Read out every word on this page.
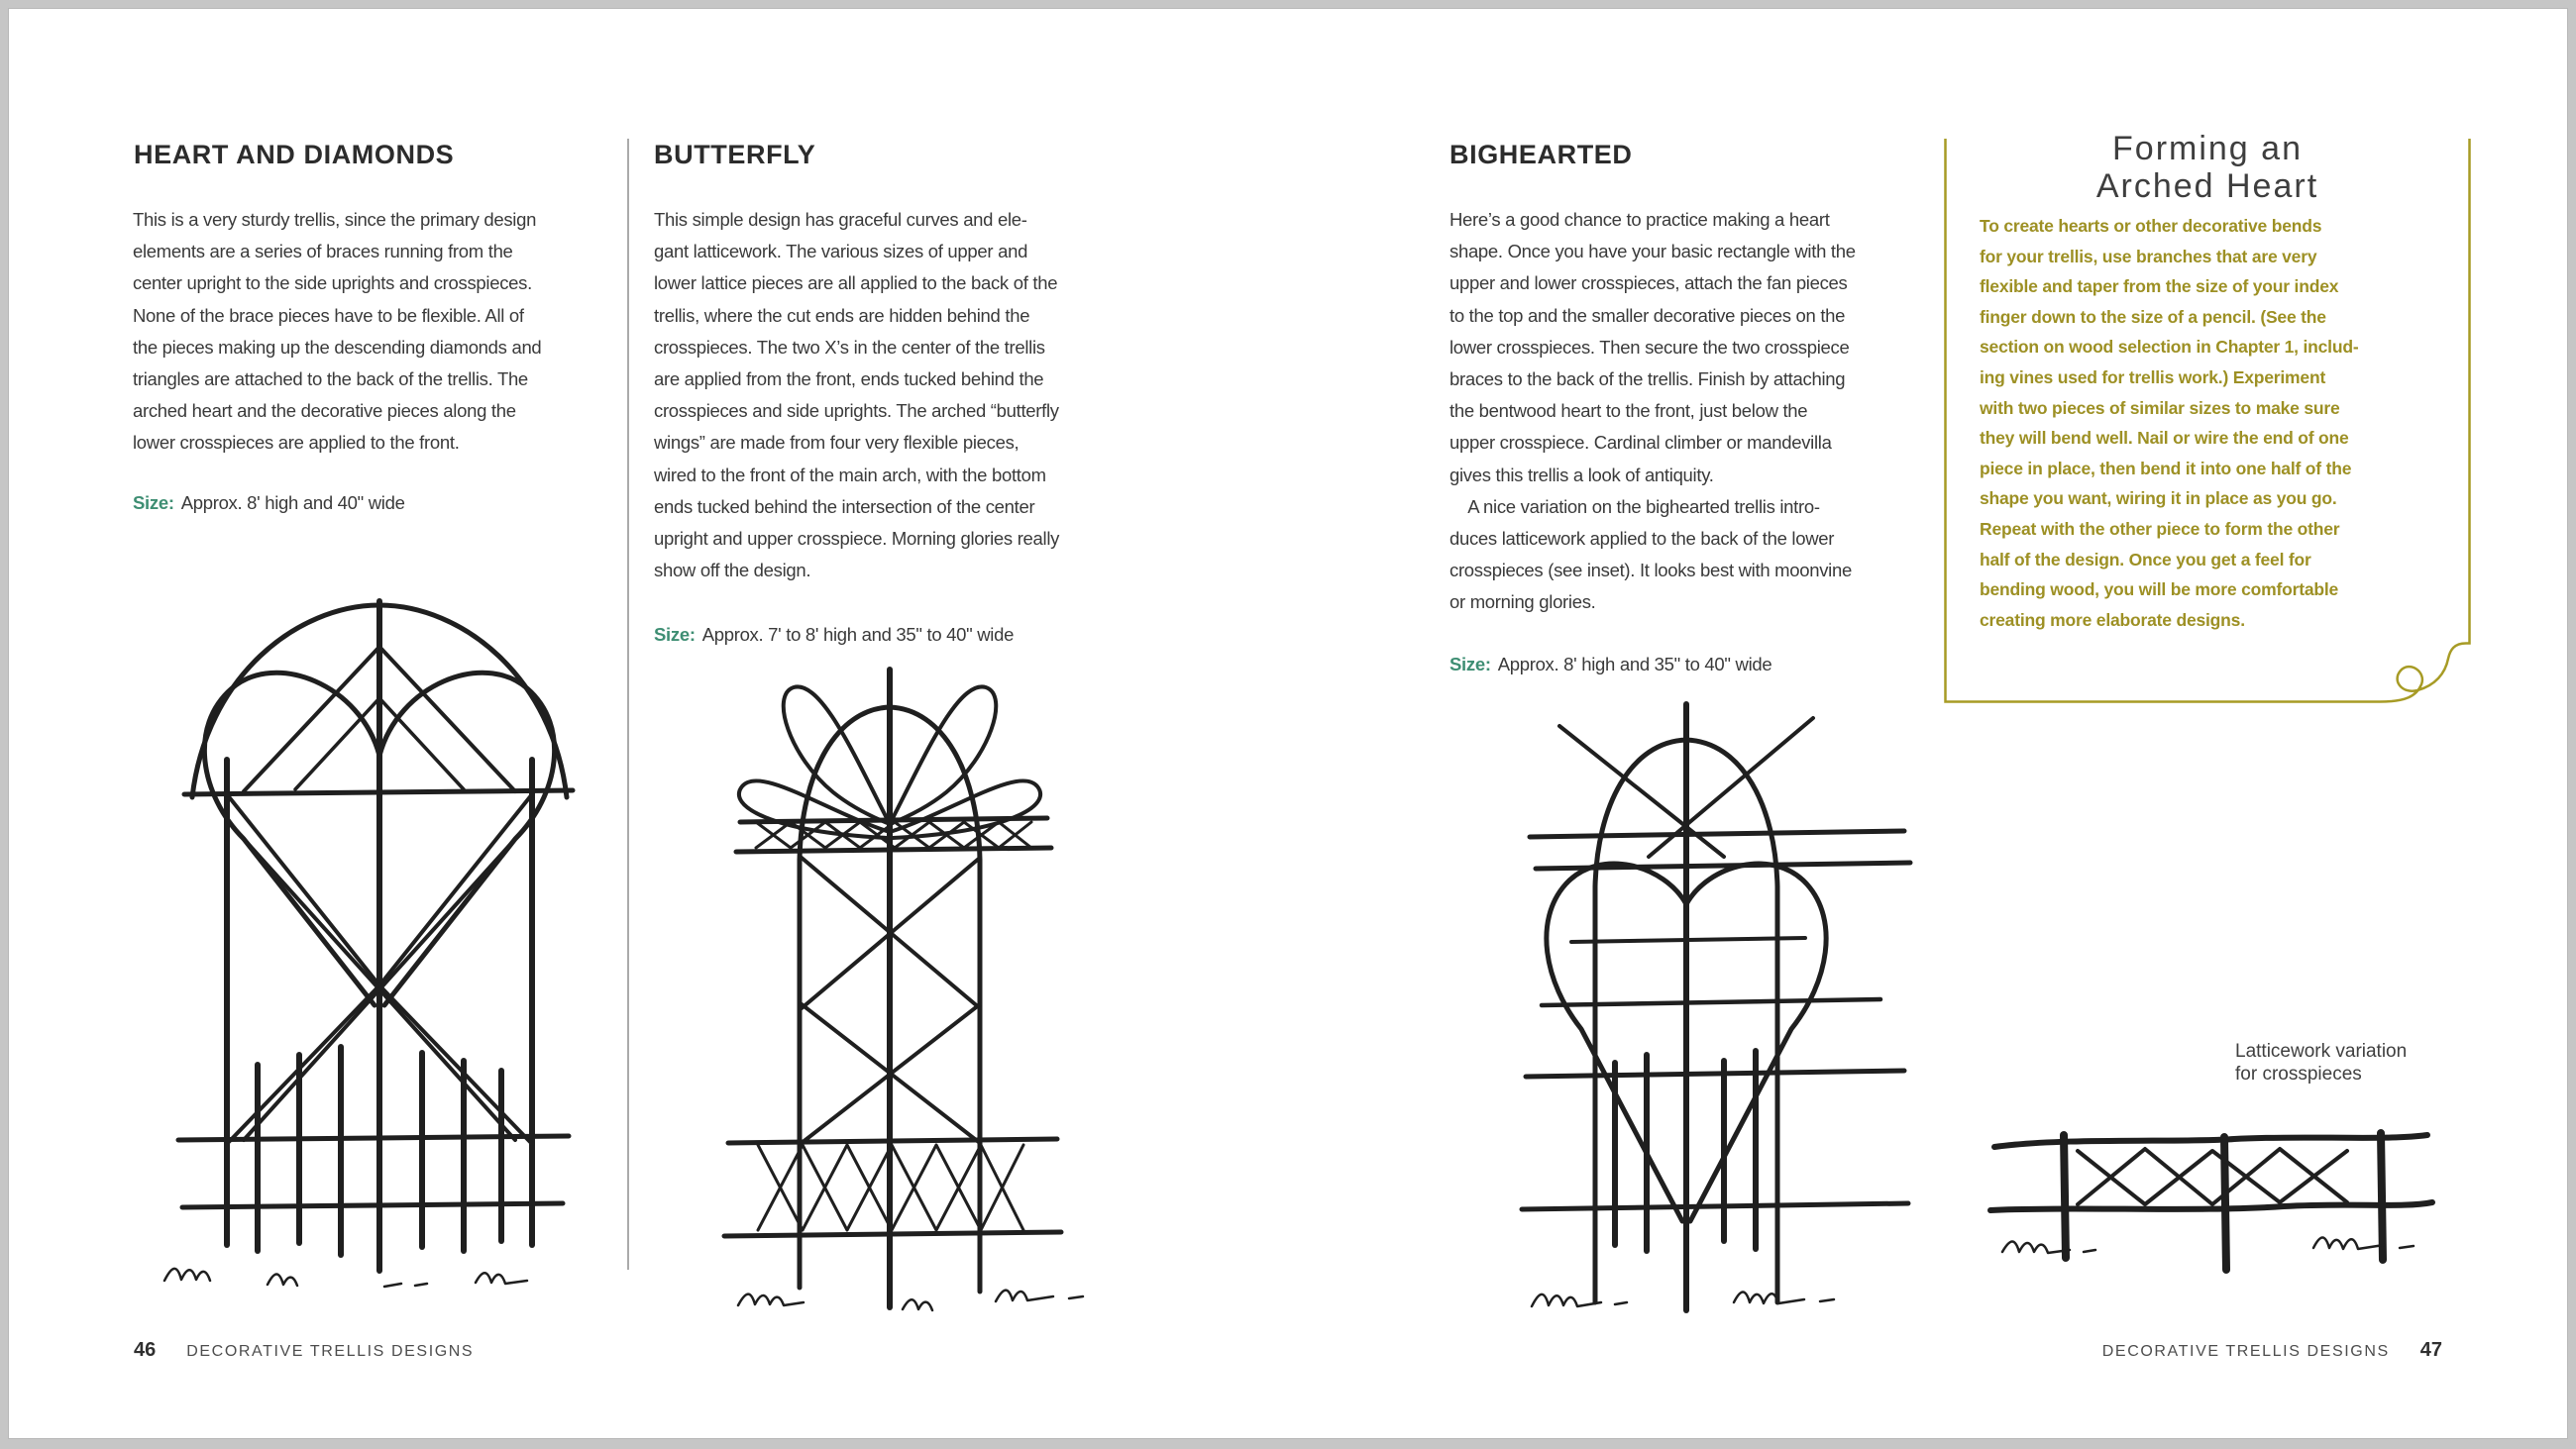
HEART AND DIAMONDS
This is a very sturdy trellis, since the primary design
elements are a series of braces running from the
center upright to the side uprights and crosspieces.
None of the brace pieces have to be flexible. All of
the pieces making up the descending diamonds and
triangles are attached to the back of the trellis. The
arched heart and the decorative pieces along the
lower crosspieces are applied to the front.
Size: Approx. 8' high and 40" wide
BUTTERFLY
This simple design has graceful curves and ele-
gant latticework. The various sizes of upper and
lower lattice pieces are all applied to the back of the
trellis, where the cut ends are hidden behind the
crosspieces. The two X’s in the center of the trellis
are applied from the front, ends tucked behind the
crosspieces and side uprights. The arched “butterfly
wings” are made from four very flexible pieces,
wired to the front of the main arch, with the bottom
ends tucked behind the intersection of the center
upright and upper crosspiece. Morning glories really
show off the design.
Size: Approx. 7' to 8' high and 35" to 40" wide
46 DECORATIVE TRELLIS DESIGNS
BIGHEARTED
Here’s a good chance to practice making a heart
shape. Once you have your basic rectangle with the
upper and lower crosspieces, attach the fan pieces
to the top and the smaller decorative pieces on the
lower crosspieces. Then secure the two crosspiece
braces to the back of the trellis. Finish by attaching
the bentwood heart to the front, just below the
upper crosspiece. Cardinal climber or mandevilla
gives this trellis a look of antiquity.
 A nice variation on the bighearted trellis intro-
duces latticework applied to the back of the lower
crosspieces (see inset). It looks best with moonvine
or morning glories.
Size: Approx. 8' high and 35" to 40" wide
Forming an
Arched Heart
To create hearts or other decorative bends
for your trellis, use branches that are very
flexible and taper from the size of your index
finger down to the size of a pencil. (See the
section on wood selection in Chapter 1, includ-
ing vines used for trellis work.) Experiment
with two pieces of similar sizes to make sure
they will bend well. Nail or wire the end of one
piece in place, then bend it into one half of the
shape you want, wiring it in place as you go.
Repeat with the other piece to form the other
half of the design. Once you get a feel for
bending wood, you will be more comfortable
creating more elaborate designs.
Latticework variation
for crosspieces
DECORATIVE TRELLIS DESIGNS 47
